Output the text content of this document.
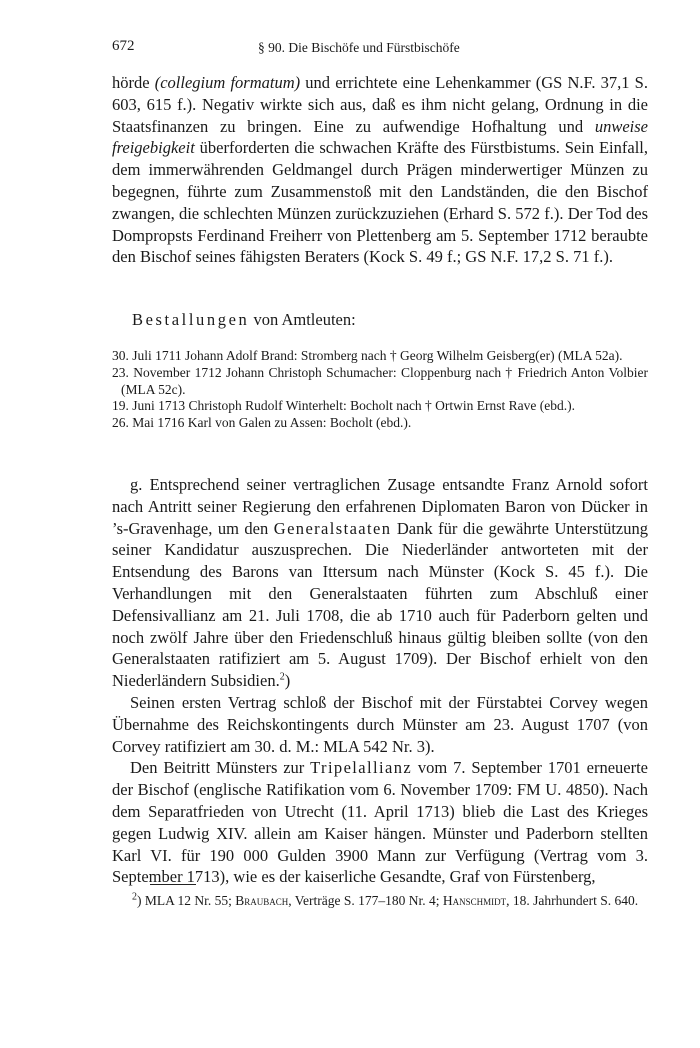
672	§ 90. Die Bischöfe und Fürstbischöfe

hörde (collegium formatum) und errichtete eine Lehenkammer (GS N.F. 37,1 S. 603, 615 f.). Negativ wirkte sich aus, daß es ihm nicht gelang, Ordnung in die Staatsfinanzen zu bringen. Eine zu aufwendige Hofhaltung und unweise freigebigkeit überforderten die schwachen Kräfte des Fürstbistums. Sein Einfall, dem immerwährenden Geldmangel durch Prägen minderwertiger Münzen zu begegnen, führte zum Zusammenstoß mit den Landständen, die den Bischof zwangen, die schlechten Münzen zurückzuziehen (Erhard S. 572 f.). Der Tod des Dompropsts Ferdinand Freiherr von Plettenberg am 5. September 1712 beraubte den Bischof seines fähigsten Beraters (Kock S. 49 f.; GS N.F. 17,2 S. 71 f.).

Bestallungen von Amtleuten:

30. Juli 1711 Johann Adolf Brand: Stromberg nach † Georg Wilhelm Geisberg(er) (MLA 52a).
23. November 1712 Johann Christoph Schumacher: Cloppenburg nach † Friedrich Anton Volbier (MLA 52c).
19. Juni 1713 Christoph Rudolf Winterhelt: Bocholt nach † Ortwin Ernst Rave (ebd.).
26. Mai 1716 Karl von Galen zu Assen: Bocholt (ebd.).

g. Entsprechend seiner vertraglichen Zusage entsandte Franz Arnold sofort nach Antritt seiner Regierung den erfahrenen Diplomaten Baron von Dücker in ’s-Gravenhage, um den Generalstaaten Dank für die gewährte Unterstützung seiner Kandidatur auszusprechen. Die Niederländer antworteten mit der Entsendung des Barons van Ittersum nach Münster (Kock S. 45 f.). Die Verhandlungen mit den Generalstaaten führten zum Abschluß einer Defensivallianz am 21. Juli 1708, die ab 1710 auch für Paderborn gelten und noch zwölf Jahre über den Friedenschluß hinaus gültig bleiben sollte (von den Generalstaaten ratifiziert am 5. August 1709). Der Bischof erhielt von den Niederländern Subsidien.$^2$)

Seinen ersten Vertrag schloß der Bischof mit der Fürstabtei Corvey wegen Übernahme des Reichskontingents durch Münster am 23. August 1707 (von Corvey ratifiziert am 30. d. M.: MLA 542 Nr. 3).

Den Beitritt Münsters zur Tripelallianz vom 7. September 1701 erneuerte der Bischof (englische Ratifikation vom 6. November 1709: FM U. 4850). Nach dem Separatfrieden von Utrecht (11. April 1713) blieb die Last des Krieges gegen Ludwig XIV. allein am Kaiser hängen. Münster und Paderborn stellten Karl VI. für 190 000 Gulden 3900 Mann zur Verfügung (Vertrag vom 3. September 1713), wie es der kaiserliche Gesandte, Graf von Fürstenberg,

$^2$) MLA 12 Nr. 55; Braubach, Verträge S. 177–180 Nr. 4; Hanschmidt, 18. Jahrhundert S. 640.
